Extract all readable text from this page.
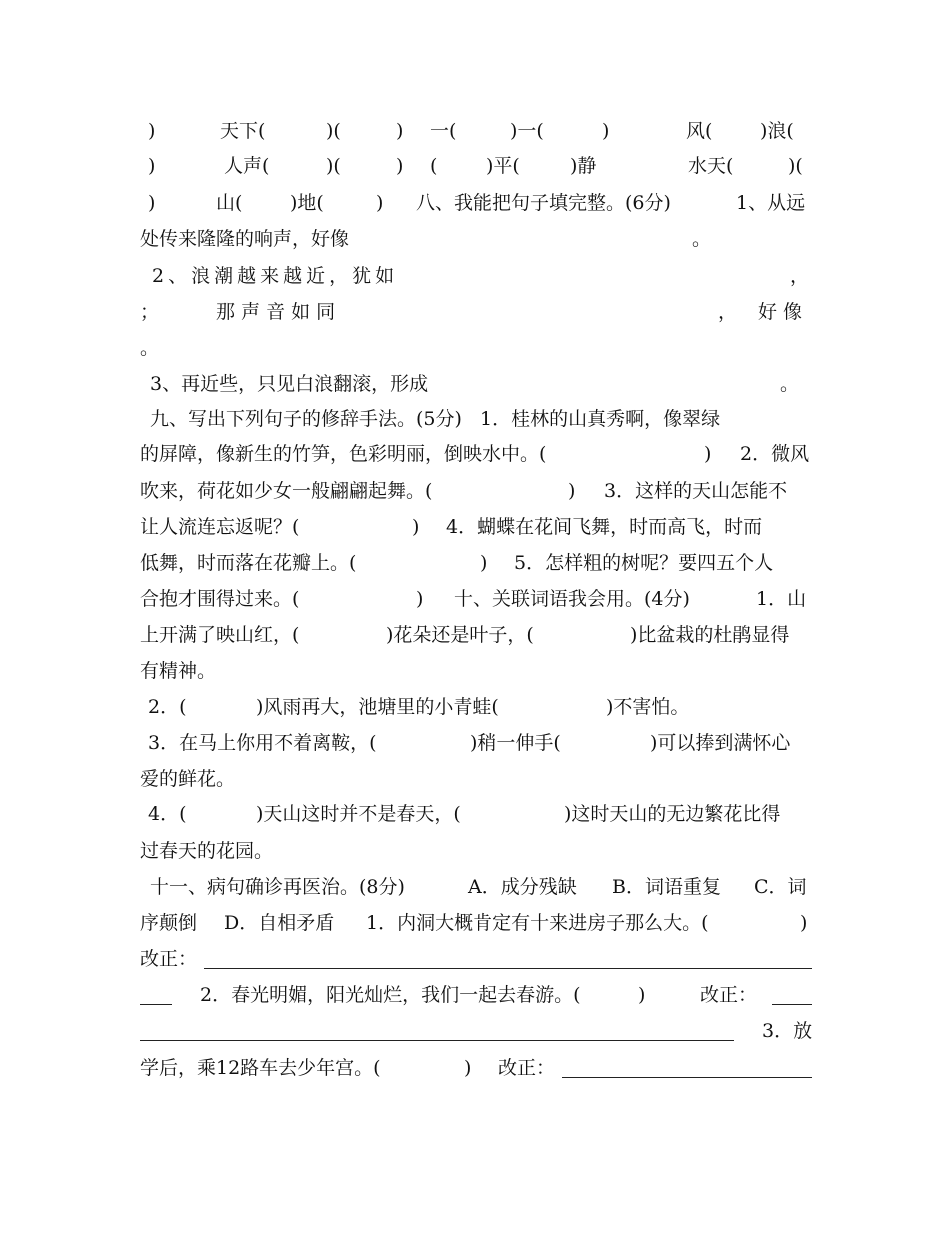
)

	天下(

	)(

	)

一(

	)一(

	)

	风(

	)浪(

)

	人声(

	)(

	)

(

	)平(

	)静

	水天(

	)(

)

	山(

	)地(

	)

八、我能把句子填完整。(6分)

	1、从远

处传来隆隆的响声，好像

	。

2、浪潮越来越近，犹如

	，

；

	那 声 音 如 同

	，

好 像

。

3、再近些，只见白浪翻滚，形成

	。

九、写出下列句子的修辞手法。(5分)   1．桂林的山真秀啊，像翠绿

的屏障，像新生的竹笋，色彩明丽，倒映水中。(

	)

2．微风

吹来，荷花如少女一般翩翩起舞。(

	)

3．这样的天山怎能不

让人流连忘返呢？(

	)

4．蝴蝶在花间飞舞，时而高飞，时而

低舞，时而落在花瓣上。(

	)

5．怎样粗的树呢？要四五个人

合抱才围得过来。(

	)

十、关联词语我会用。(4分)

	1．山

上开满了映山红，(

	)花朵还是叶子，(

	)比盆栽的杜鹃显得

有精神。

2．(

	)风雨再大，池塘里的小青蛙(

	)不害怕。

3．在马上你用不着离鞍，(

	)稍一伸手(

	)可以捧到满怀心

爱的鲜花。

4．(

	)天山这时并不是春天，(

	)这时天山的无边繁花比得

过春天的花园。

十一、病句确诊再医治。(8分)

	A．成分残缺

B．词语重复

C．词

序颠倒

D．自相矛盾

1．内洞大概肯定有十来进房子那么大。(

	)

改正：

2．春光明媚，阳光灿烂，我们一起去春游。(

	)

	改正：

3．放

学后，乘12路车去少年宫。(

	)

改正：
